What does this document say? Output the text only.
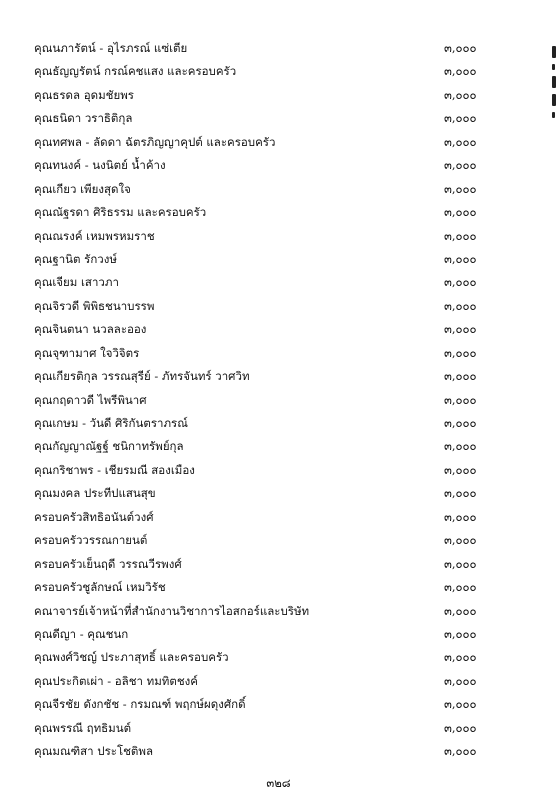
คุณนภารัตน์ - อุไรภรณ์ แซ่เตีย	๓,๐๐๐
คุณธัญญรัตน์ กรณ์คชแสง และครอบครัว	๓,๐๐๐
คุณธรดล อุดมชัยพร	๓,๐๐๐
คุณธนิดา วราธิติกุล	๓,๐๐๐
คุณทศพล - ลัดดา ฉัตรภิญญาคุปต์ และครอบครัว	๓,๐๐๐
คุณทนงค์ - นงนิตย์ น้ำค้าง	๓,๐๐๐
คุณเกียว เพียงสุดใจ	๓,๐๐๐
คุณณัฐรดา ศิริธรรม และครอบครัว	๓,๐๐๐
คุณณรงค์ เหมพรหมราช	๓,๐๐๐
คุณฐานิต รักวงษ์	๓,๐๐๐
คุณเจียม เสาวภา	๓,๐๐๐
คุณจิรวดี พิพิธชนาบรรพ	๓,๐๐๐
คุณจินตนา นวลละออง	๓,๐๐๐
คุณจุฑามาศ ใจวิจิตร	๓,๐๐๐
คุณเกียรติกุล วรรณสุรีย์ - ภัทรจันทร์ วาศวิท	๓,๐๐๐
คุณกฤดาวดี ไพรีพินาศ	๓,๐๐๐
คุณเกษม - วันดี ศิริกันตราภรณ์	๓,๐๐๐
คุณกัญญาณัฐฐ์ ชนิกาทรัพย์กุล	๓,๐๐๐
คุณกริชาพร - เชียรมณี สองเมือง	๓,๐๐๐
คุณมงคล ประทีปแสนสุข	๓,๐๐๐
ครอบครัวสิทธิอนันต์วงศ์	๓,๐๐๐
ครอบครัววรรณกายนต์	๓,๐๐๐
ครอบครัวเย็นฤดี วรรณวีรพงศ์	๓,๐๐๐
ครอบครัวชูลักษณ์ เหมวิรัช	๓,๐๐๐
คณาจารย์เจ้าหน้าที่สำนักงานวิชาการไอสกอร์และบริษัท	๓,๐๐๐
คุณดีญา - คุณชนก	๓,๐๐๐
คุณพงศ์วิชญ์ ประภาสุทธิ์ และครอบครัว	๓,๐๐๐
คุณประกิตเผ่า - อลิชา ทมทิตชงค์	๓,๐๐๐
คุณจีรชัย ดังกชัช - กรมณฑ์ พฤกษ์ผดุงศักดิ์	๓,๐๐๐
คุณพรรณี ฤทธิมนต์	๓,๐๐๐
คุณมณฑิสา ประโชติพล	๓,๐๐๐
๓๒๘
